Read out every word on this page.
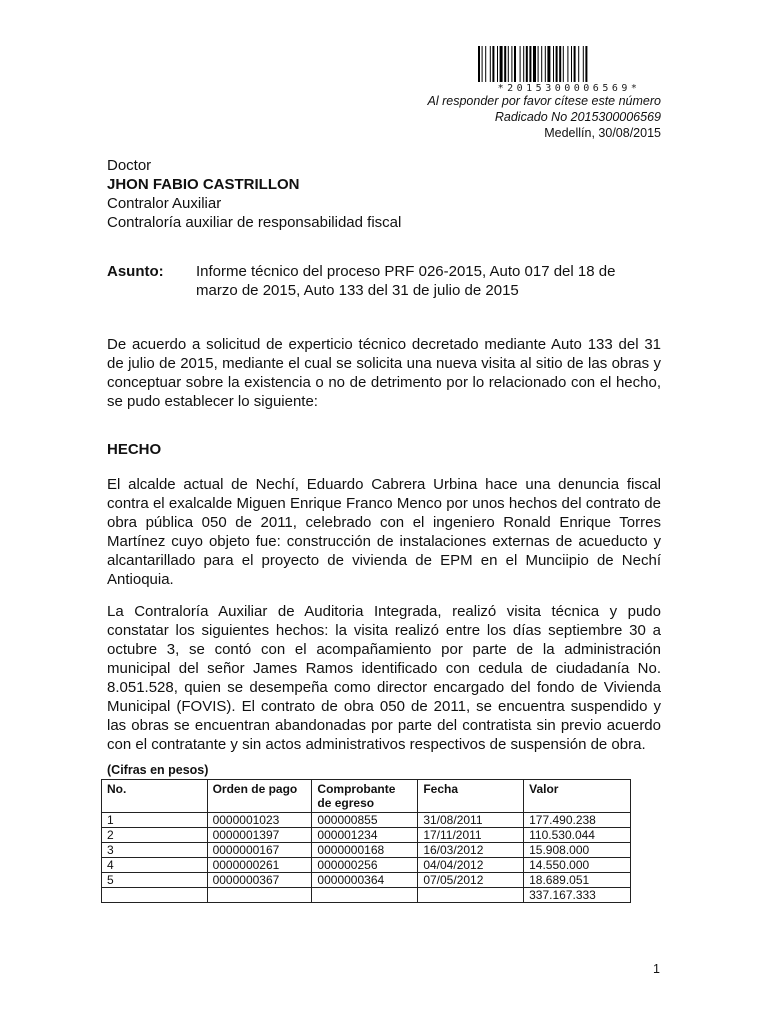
*2015300006569*
Al responder por favor cítese este número
Radicado No 2015300006569
Medellín, 30/08/2015
Doctor
JHON FABIO CASTRILLON
Contralor Auxiliar
Contraloría auxiliar de responsabilidad fiscal
Asunto: Informe técnico del proceso PRF 026-2015, Auto 017 del 18 de marzo de 2015, Auto 133 del 31 de julio de 2015
De acuerdo a solicitud de experticio técnico decretado mediante Auto 133 del 31 de julio de 2015, mediante el cual se solicita una nueva visita al sitio de las obras y conceptuar sobre la existencia o no de detrimento por lo relacionado con el hecho, se pudo establecer lo siguiente:
HECHO
El alcalde actual de Nechí, Eduardo Cabrera Urbina hace una denuncia fiscal contra el exalcalde Miguen Enrique Franco Menco por unos hechos del contrato de obra pública 050 de 2011, celebrado con el ingeniero Ronald Enrique Torres Martínez cuyo objeto fue: construcción de instalaciones externas de acueducto y alcantarillado para el proyecto de vivienda de EPM en el Munciipio de Nechí Antioquia.
La Contraloría Auxiliar de Auditoria Integrada, realizó visita técnica y pudo constatar los siguientes hechos: la visita realizó entre los días septiembre 30 a octubre 3, se contó con el acompañamiento por parte de la administración municipal del señor James Ramos identificado con cedula de ciudadanía No. 8.051.528, quien se desempeña como director encargado del fondo de Vivienda Municipal (FOVIS). El contrato de obra 050 de 2011, se encuentra suspendido y las obras se encuentran abandonadas por parte del contratista sin previo acuerdo con el contratante y sin actos administrativos respectivos de suspensión de obra.
(Cifras en pesos)
No.	Orden de pago	Comprobante de egreso	Fecha	Valor
1	0000001023	000000855	31/08/2011	177.490.238
2	0000001397	000001234	17/11/2011	110.530.044
3	0000000167	0000000168	16/03/2012	15.908.000
4	0000000261	000000256	04/04/2012	14.550.000
5	0000000367	0000000364	07/05/2012	18.689.051
				337.167.333
1
